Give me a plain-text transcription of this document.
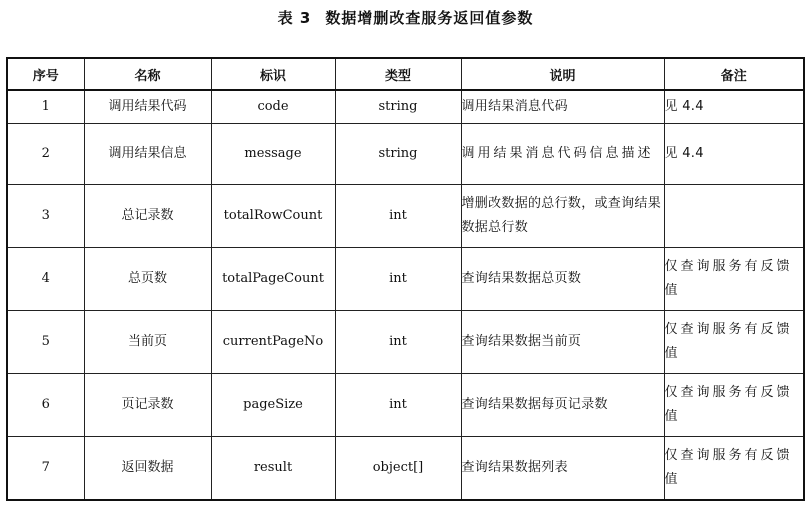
表 3 数据增删改查服务返回值参数
序号	名称	标识	类型	说明	备注
1	调用结果代码	code	string	调用结果消息代码	见 4.4
2	调用结果信息	message	string	调用结果消息代码信息描述	见 4.4
3	总记录数	totalRowCount	int	增删改数据的总行数，或查询结果数据总行数	
4	总页数	totalPageCount	int	查询结果数据总页数	仅查询服务有反馈值
5	当前页	currentPageNo	int	查询结果数据当前页	仅查询服务有反馈值
6	页记录数	pageSize	int	查询结果数据每页记录数	仅查询服务有反馈值
7	返回数据	result	object[]	查询结果数据列表	仅查询服务有反馈值
